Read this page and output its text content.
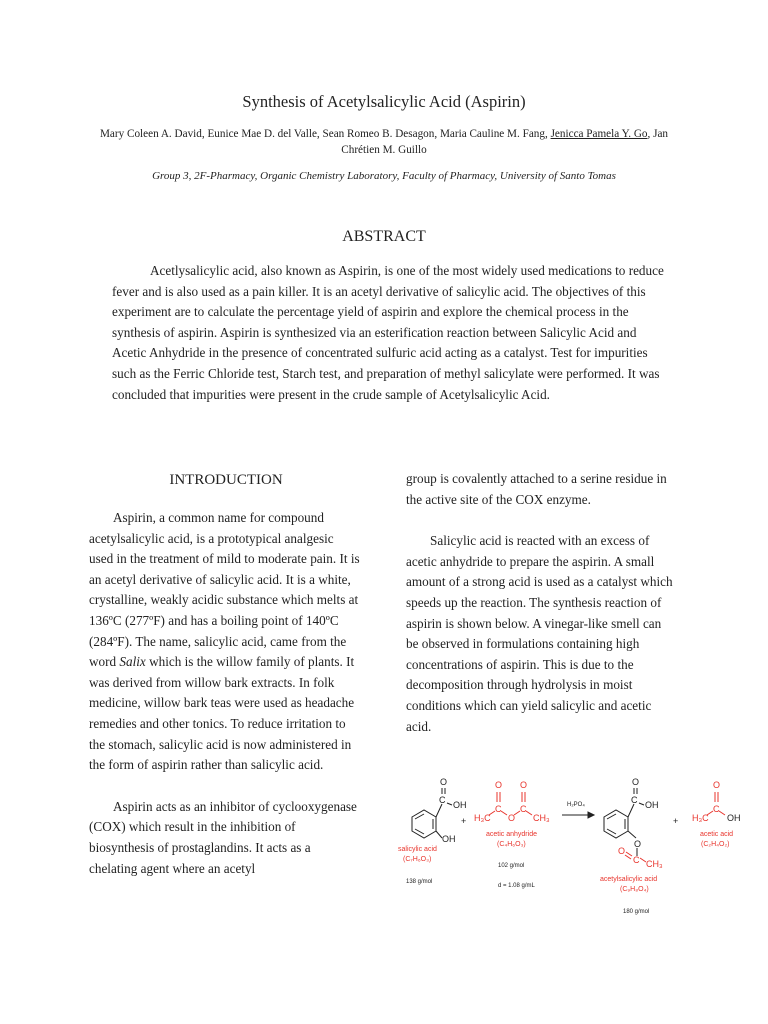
Synthesis of Acetylsalicylic Acid (Aspirin)
Mary Coleen A. David, Eunice Mae D. del Valle, Sean Romeo B. Desagon, Maria Cauline M. Fang, Jenicca Pamela Y. Go, Jan Chrétien M. Guillo
Group 3, 2F-Pharmacy, Organic Chemistry Laboratory, Faculty of Pharmacy, University of Santo Tomas
ABSTRACT

Acetlysalicylic acid, also known as Aspirin, is one of the most widely used medications to reduce fever and is also used as a pain killer. It is an acetyl derivative of salicylic acid. The objectives of this experiment are to calculate the percentage yield of aspirin and explore the chemical process in the synthesis of aspirin. Aspirin is synthesized via an esterification reaction between Salicylic Acid and Acetic Anhydride in the presence of concentrated sulfuric acid acting as a catalyst. Test for impurities such as the Ferric Chloride test, Starch test, and preparation of methyl salicylate were performed. It was concluded that impurities were present in the crude sample of Acetylsalicylic Acid.

INTRODUCTION

Aspirin, a common name for compound acetylsalicylic acid, is a prototypical analgesic used in the treatment of mild to moderate pain. It is an acetyl derivative of salicylic acid. It is a white, crystalline, weakly acidic substance which melts at 136ºC (277ºF) and has a boiling point of 140ºC (284ºF). The name, salicylic acid, came from the word Salix which is the willow family of plants. It was derived from willow bark extracts. In folk medicine, willow bark teas were used as headache remedies and other tonics. To reduce irritation to the stomach, salicylic acid is now administered in the form of aspirin rather than salicylic acid.

Aspirin acts as an inhibitor of cyclooxygenase (COX) which result in the inhibition of biosynthesis of prostaglandins. It acts as a chelating agent where an acetyl

group is covalently attached to a serine residue in the active site of the COX enzyme.

Salicylic acid is reacted with an excess of acetic anhydride to prepare the aspirin. A small amount of a strong acid is used as a catalyst which speeds up the reaction. The synthesis reaction of aspirin is shown below. A vinegar-like smell can be observed in formulations containing high concentrations of aspirin. This is due to the decomposition through hydrolysis in moist conditions which can yield salicylic and acetic acid.

O
C OH
OH
salicylic acid
(C₇H₆O₃)
138 g/mol
+
O O
C C
O
H₃C	CH₃
acetic anhydride
(C₄H₆O₃)
102 g/mol
d = 1.08 g/mL
H₂PO₄
O
C OH
O
O
C CH₃
acetylsalicylic acid
(C₉H₈O₄)
180 g/mol
+
O
C
H₃C OH
acetic acid
(C₂H₄O₂)
